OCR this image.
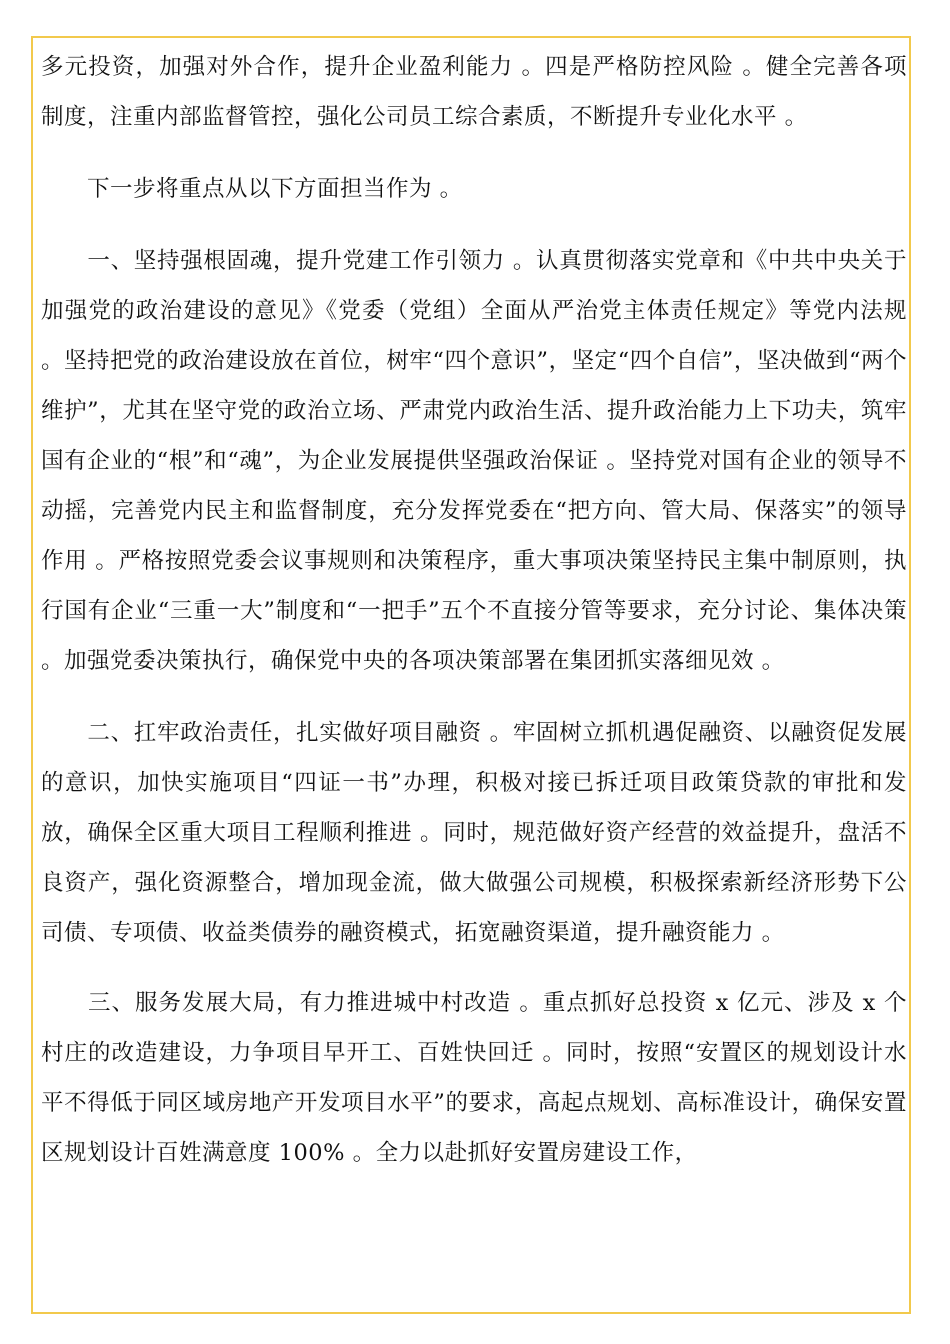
多元投资，加强对外合作，提升企业盈利能力 。四是严格防控风险 。健全完善各项制度，注重内部监督管控，强化公司员工综合素质，不断提升专业化水平 。

　　下一步将重点从以下方面担当作为 。

　　一、坚持强根固魂，提升党建工作引领力 。认真贯彻落实党章和《中共中央关于加强党的政治建设的意见》《党委（党组）全面从严治党主体责任规定》等党内法规 。坚持把党的政治建设放在首位，树牢“四个意识”，坚定“四个自信”，坚决做到“两个维护”，尤其在坚守党的政治立场、严肃党内政治生活、提升政治能力上下功夫，筑牢国有企业的“根”和“魂”，为企业发展提供坚强政治保证 。坚持党对国有企业的领导不动摇，完善党内民主和监督制度，充分发挥党委在“把方向、管大局、保落实”的领导作用 。严格按照党委会议事规则和决策程序，重大事项决策坚持民主集中制原则，执行国有企业“三重一大”制度和“一把手”五个不直接分管等要求，充分讨论、集体决策 。加强党委决策执行，确保党中央的各项决策部署在集团抓实落细见效 。

　　二、扛牢政治责任，扎实做好项目融资 。牢固树立抓机遇促融资、以融资促发展的意识，加快实施项目“四证一书”办理，积极对接已拆迁项目政策贷款的审批和发放，确保全区重大项目工程顺利推进 。同时，规范做好资产经营的效益提升，盘活不良资产，强化资源整合，增加现金流，做大做强公司规模，积极探索新经济形势下公司债、专项债、收益类债券的融资模式，拓宽融资渠道，提升融资能力 。

　　三、服务发展大局，有力推进城中村改造 。重点抓好总投资 x 亿元、涉及 x 个村庄的改造建设，力争项目早开工、百姓快回迁 。同时，按照“安置区的规划设计水平不得低于同区域房地产开发项目水平”的要求，高起点规划、高标准设计，确保安置区规划设计百姓满意度 100% 。全力以赴抓好安置房建设工作，
